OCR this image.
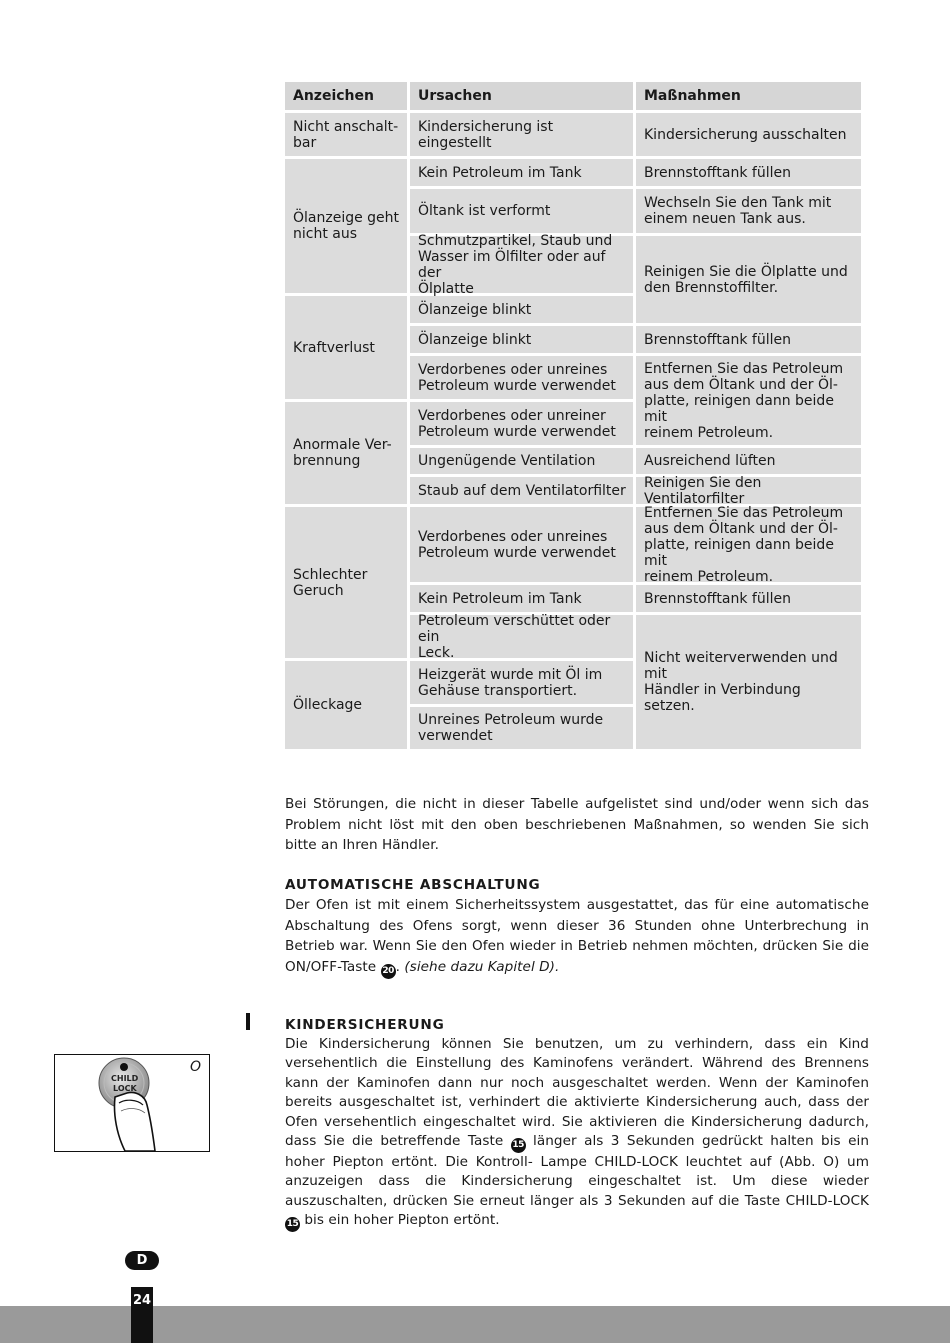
Anzeichen	Ursachen	Maßnahmen
Nicht anschalt-
bar
Ölanzeige geht
nicht aus
Kraftverlust
Anormale Ver-
brennung
Schlechter
Geruch
Ölleckage
Kindersicherung ist eingestellt
Kein Petroleum im Tank
Öltank ist verformt
Schmutzpartikel, Staub und
Wasser im Ölfilter oder auf der
Ölplatte
Ölanzeige blinkt
Ölanzeige blinkt
Verdorbenes oder unreines
Petroleum wurde verwendet
Verdorbenes oder unreiner
Petroleum wurde verwendet
Ungenügende Ventilation
Staub auf dem Ventilatorfilter
Verdorbenes oder unreines
Petroleum wurde verwendet
Kein Petroleum im Tank
Petroleum verschüttet oder ein
Leck.
Heizgerät wurde mit Öl im
Gehäuse transportiert.
Unreines Petroleum wurde
verwendet
Kindersicherung ausschalten
Brennstofftank füllen
Wechseln Sie den Tank mit
einem neuen Tank aus.
Reinigen Sie die Ölplatte und
den Brennstoffilter.
Brennstofftank füllen
Entfernen Sie das Petroleum
aus dem Öltank und der Öl-
platte, reinigen dann beide mit
reinem Petroleum.
Ausreichend lüften
Reinigen Sie den Ventilatorfilter
Entfernen Sie das Petroleum
aus dem Öltank und der Öl-
platte, reinigen dann beide mit
reinem Petroleum.
Brennstofftank füllen
Nicht weiterverwenden und mit
Händler in Verbindung setzen.

Bei Störungen, die nicht in dieser Tabelle aufgelistet sind und/oder wenn sich das Problem nicht löst mit den oben beschriebenen Maßnahmen, so wenden Sie sich bitte an Ihren Händler.

AUTOMATISCHE ABSCHALTUNG

Der Ofen ist mit einem Sicherheitssystem ausgestattet, das für eine automatische Abschaltung des Ofens sorgt, wenn dieser 36 Stunden ohne Unterbrechung in Betrieb war. Wenn Sie den Ofen wieder in Betrieb nehmen möchten, drücken Sie die ON/OFF-Taste 20 . (siehe dazu Kapitel D).

KINDERSICHERUNG

Die Kindersicherung können Sie benutzen, um zu verhindern, dass ein Kind versehentlich die Einstellung des Kaminofens verändert. Während des Brennens kann der Kaminofen dann nur noch ausgeschaltet werden. Wenn der Kaminofen bereits ausgeschaltet ist, verhindert die aktivierte Kindersicherung auch, dass der Ofen versehentlich eingeschaltet wird. Sie aktivieren die Kindersicherung dadurch, dass Sie die betreffende Taste 15 länger als 3 Sekunden gedrückt halten bis ein hoher Piepton ertönt. Die Kontroll- Lampe CHILD-LOCK leuchtet auf (Abb. O) um anzuzeigen dass die Kindersicherung eingeschaltet ist. Um diese wieder auszuschalten, drücken Sie erneut länger als 3 Sekunden auf die Taste CHILD-LOCK 15 bis ein hoher Piepton ertönt.

O
CHILD
LOCK
D
24
